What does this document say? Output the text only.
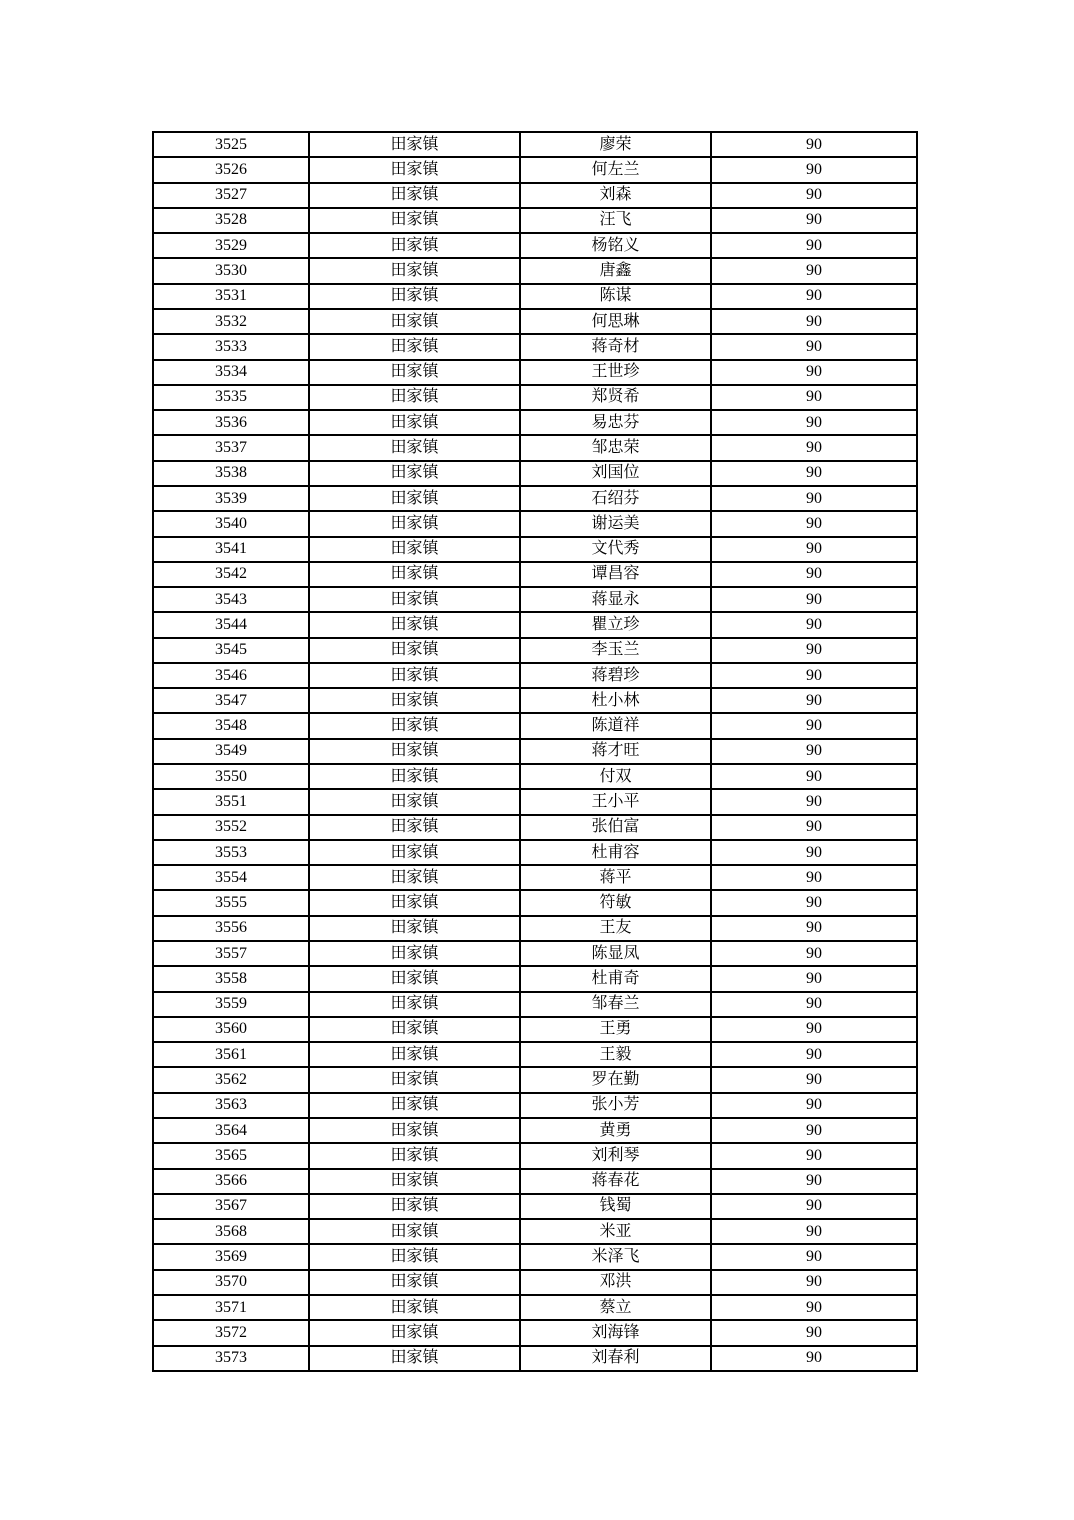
3525	田家镇	廖荣	90
3526	田家镇	何左兰	90
3527	田家镇	刘森	90
3528	田家镇	汪飞	90
3529	田家镇	杨铭义	90
3530	田家镇	唐鑫	90
3531	田家镇	陈谋	90
3532	田家镇	何思琳	90
3533	田家镇	蒋奇材	90
3534	田家镇	王世珍	90
3535	田家镇	郑贤希	90
3536	田家镇	易忠芬	90
3537	田家镇	邹忠荣	90
3538	田家镇	刘国位	90
3539	田家镇	石绍芬	90
3540	田家镇	谢运美	90
3541	田家镇	文代秀	90
3542	田家镇	谭昌容	90
3543	田家镇	蒋显永	90
3544	田家镇	瞿立珍	90
3545	田家镇	李玉兰	90
3546	田家镇	蒋碧珍	90
3547	田家镇	杜小林	90
3548	田家镇	陈道祥	90
3549	田家镇	蒋才旺	90
3550	田家镇	付双	90
3551	田家镇	王小平	90
3552	田家镇	张伯富	90
3553	田家镇	杜甫容	90
3554	田家镇	蒋平	90
3555	田家镇	符敏	90
3556	田家镇	王友	90
3557	田家镇	陈显凤	90
3558	田家镇	杜甫奇	90
3559	田家镇	邹春兰	90
3560	田家镇	王勇	90
3561	田家镇	王毅	90
3562	田家镇	罗在勤	90
3563	田家镇	张小芳	90
3564	田家镇	黄勇	90
3565	田家镇	刘利琴	90
3566	田家镇	蒋春花	90
3567	田家镇	钱蜀	90
3568	田家镇	米亚	90
3569	田家镇	米泽飞	90
3570	田家镇	邓洪	90
3571	田家镇	蔡立	90
3572	田家镇	刘海锋	90
3573	田家镇	刘春利	90
